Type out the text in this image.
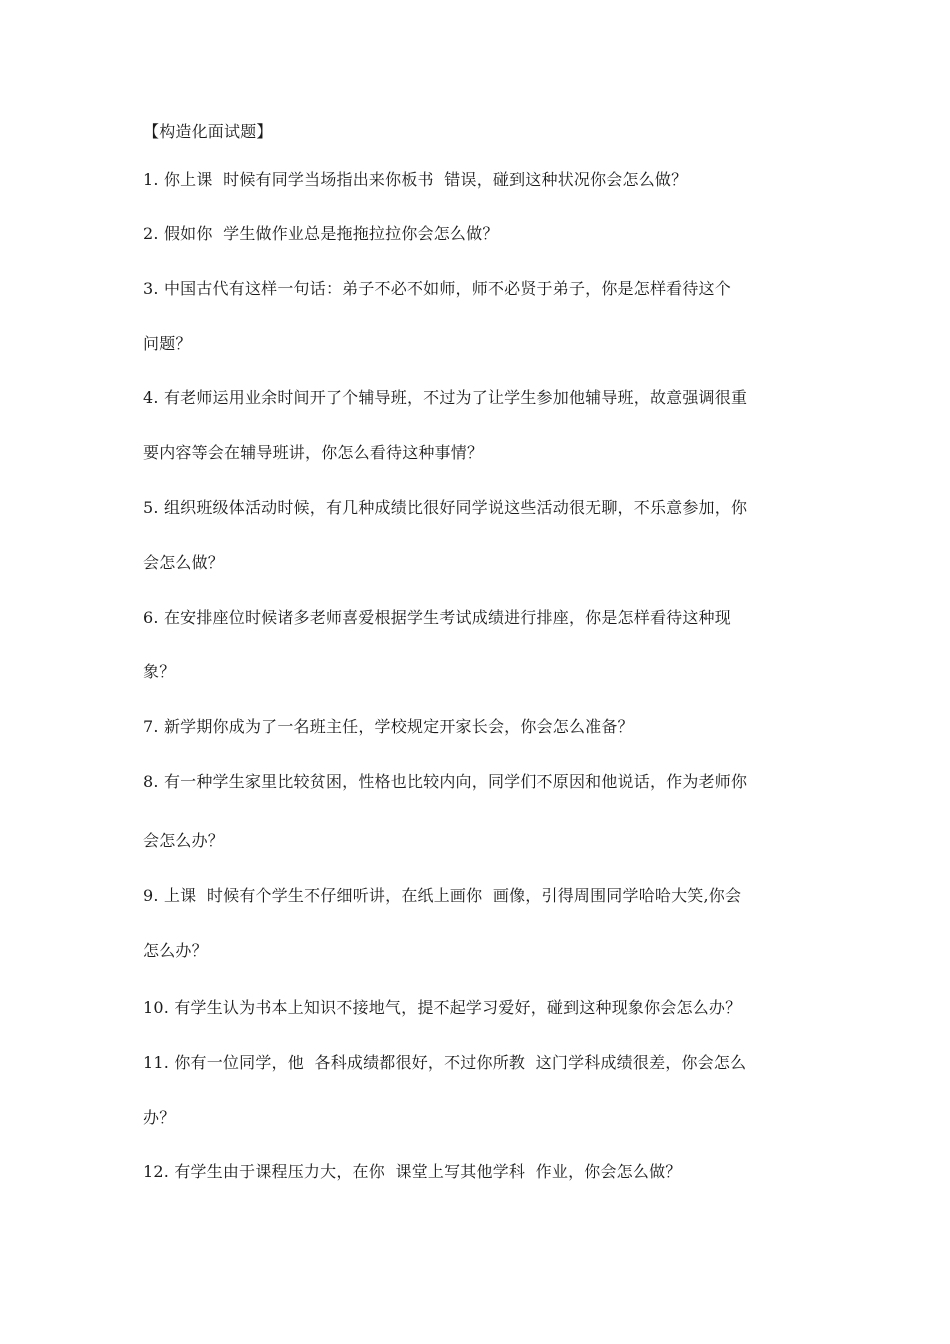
【构造化面试题】
1. 你上课  时候有同学当场指出来你板书  错误，碰到这种状况你会怎么做？
2. 假如你  学生做作业总是拖拖拉拉你会怎么做？
3. 中国古代有这样一句话：弟子不必不如师，师不必贤于弟子，你是怎样看待这个
问题？
4. 有老师运用业余时间开了个辅导班，不过为了让学生参加他辅导班，故意强调很重
要内容等会在辅导班讲，你怎么看待这种事情？
5. 组织班级体活动时候，有几种成绩比很好同学说这些活动很无聊，不乐意参加，你
会怎么做？
6. 在安排座位时候诸多老师喜爱根据学生考试成绩进行排座，你是怎样看待这种现
象？
7. 新学期你成为了一名班主任，学校规定开家长会，你会怎么准备？
8. 有一种学生家里比较贫困，性格也比较内向，同学们不原因和他说话，作为老师你
会怎么办？
9. 上课  时候有个学生不仔细听讲，在纸上画你  画像，引得周围同学哈哈大笑,你会
怎么办？
10. 有学生认为书本上知识不接地气，提不起学习爱好，碰到这种现象你会怎么办？
11. 你有一位同学，他  各科成绩都很好，不过你所教  这门学科成绩很差，你会怎么
办？
12. 有学生由于课程压力大，在你  课堂上写其他学科  作业，你会怎么做？
